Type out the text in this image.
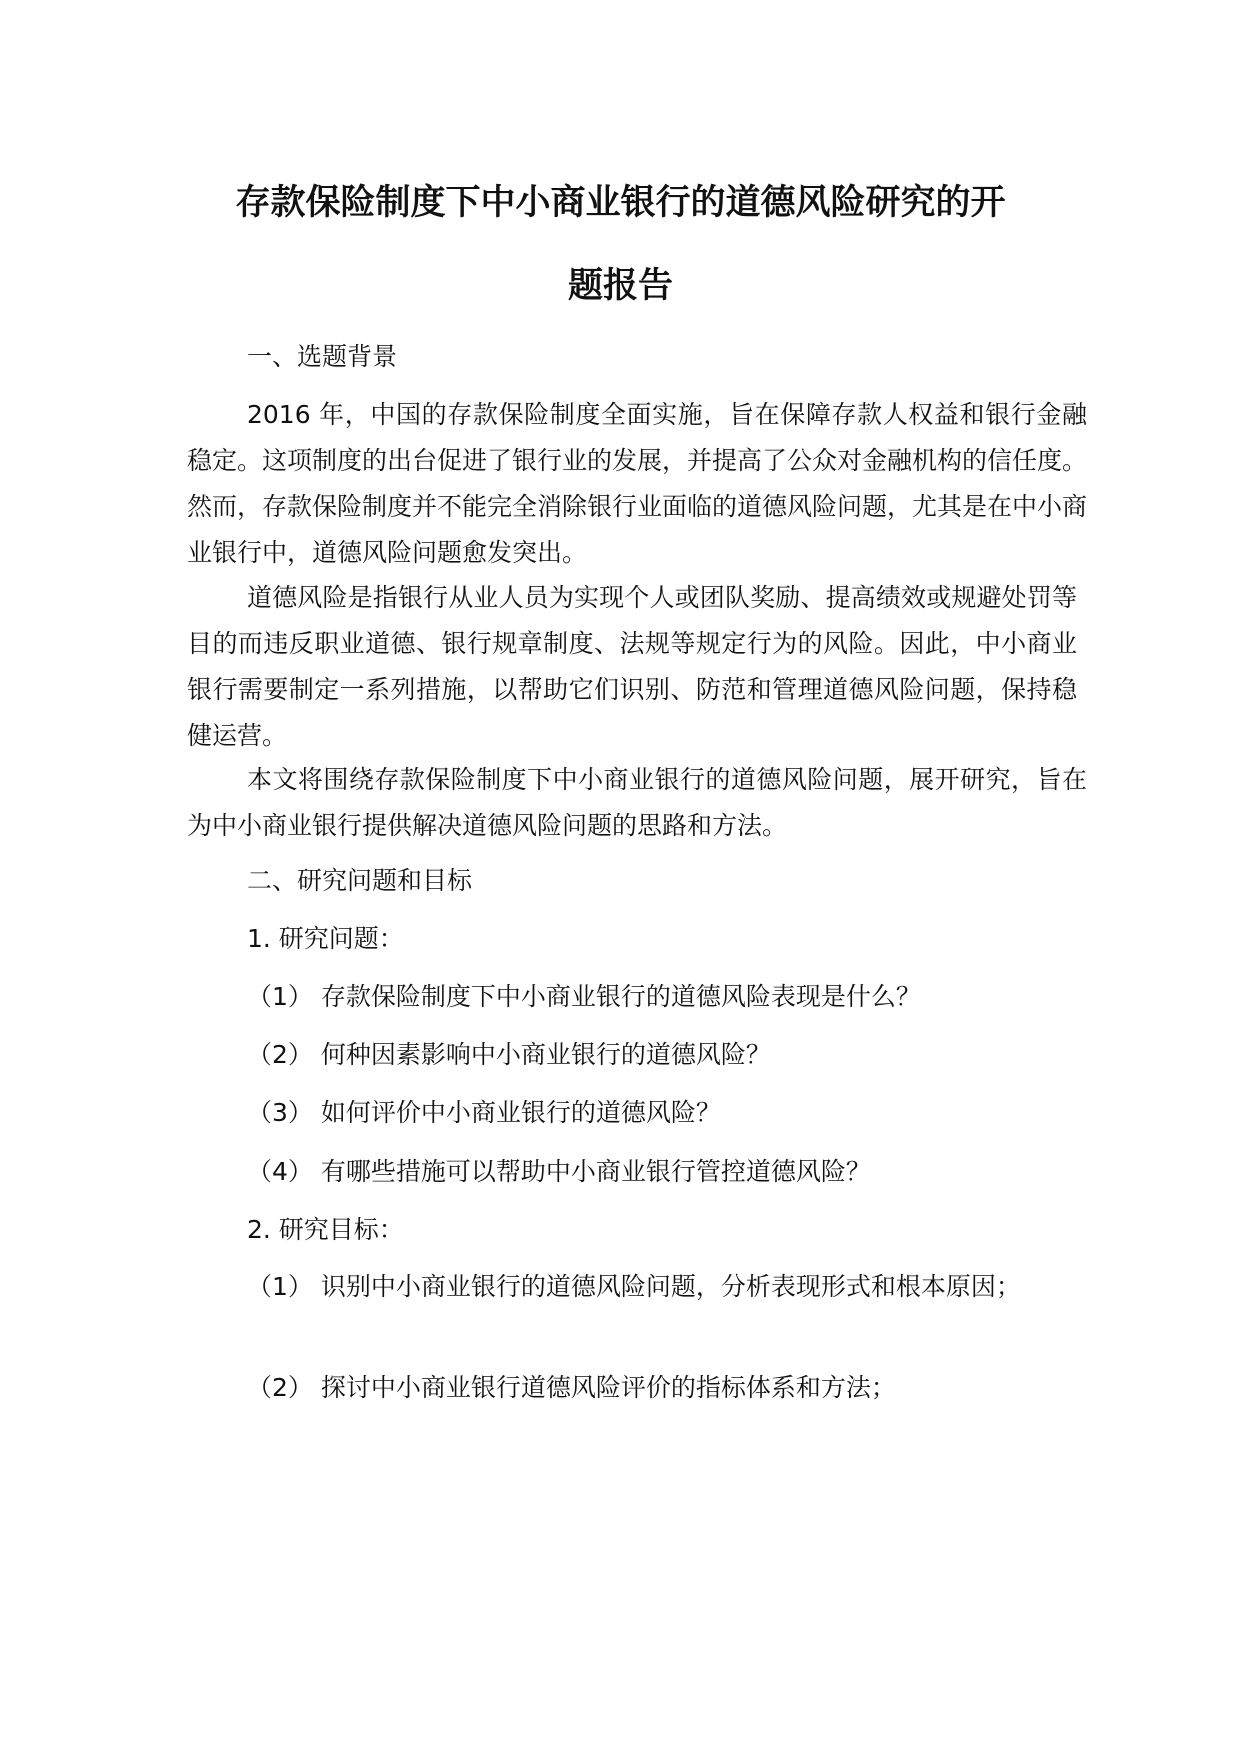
存款保险制度下中小商业银行的道德风险研究的开
题报告

一、选题背景

2016 年，中国的存款保险制度全面实施，旨在保障存款人权益和银行金融稳定。这项制度的出台促进了银行业的发展，并提高了公众对金融机构的信任度。然而，存款保险制度并不能完全消除银行业面临的道德风险问题，尤其是在中小商业银行中，道德风险问题愈发突出。

道德风险是指银行从业人员为实现个人或团队奖励、提高绩效或规避处罚等目的而违反职业道德、银行规章制度、法规等规定行为的风险。因此，中小商业银行需要制定一系列措施，以帮助它们识别、防范和管理道德风险问题，保持稳健运营。

本文将围绕存款保险制度下中小商业银行的道德风险问题，展开研究，旨在为中小商业银行提供解决道德风险问题的思路和方法。

二、研究问题和目标

1. 研究问题：

（1） 存款保险制度下中小商业银行的道德风险表现是什么？

（2） 何种因素影响中小商业银行的道德风险？

（3） 如何评价中小商业银行的道德风险？

（4） 有哪些措施可以帮助中小商业银行管控道德风险？

2. 研究目标：

（1） 识别中小商业银行的道德风险问题，分析表现形式和根本原因；

（2） 探讨中小商业银行道德风险评价的指标体系和方法；
